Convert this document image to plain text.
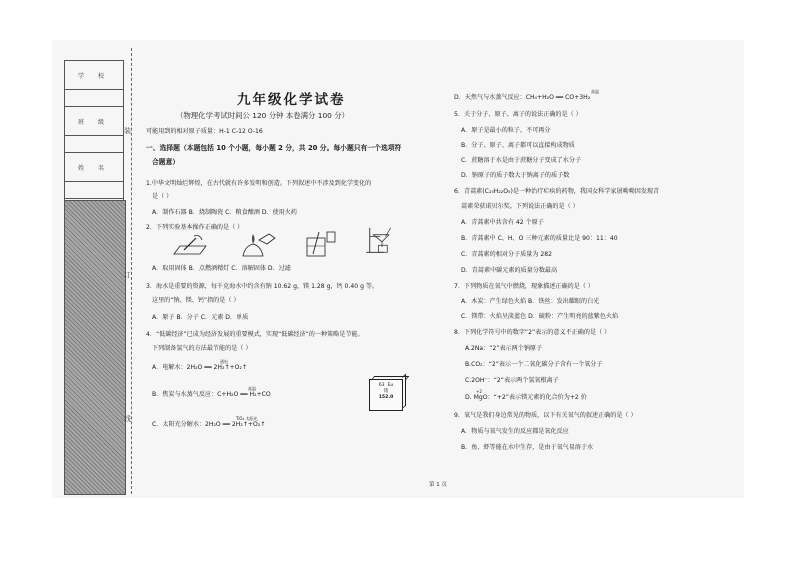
学 校

班 级

姓 名

装
订
线
九年级化学试卷
（物理化学考试时间公 120 分钟 本卷满分 100 分）
可能用到的相对原子质量：H-1 C-12 O-16
一、选择题（本题包括 10 个小题，每小题 2 分，共 20 分。每小题只有一个选项符
合题意）
1.中华文明灿烂辉煌，在古代就有许多发明和创造。下列叙述中不涉及到化学变化的
是（ ）
A．制作石器 B．烧制陶瓷 C．粮食酿酒 D．使用火药
2．下列实验基本操作正确的是（ ）
A．取用固体 B．点燃酒精灯 C．溶解固体 D．过滤
3．海水是重要的资源，每千克海水中约含有钠 10.62 g，镁 1.28 g，钙 0.40 g 等。
这里的“钠、镁、钙”指的是（ ）
A．原子 B．分子 C．元素 D．单质
4．“低碳经济”已成为经济发展的重要模式，实现“低碳经济”的一种策略是节能。
下列制备氢气的方法最节能的是（ ）
A．电解水：2H₂O ══ 2H₂↑+O₂↑
B．焦炭与水蒸气反应：C+H₂O ══ H₂+CO
C．太阳光分解水：2H₂O ══ 2H₂↑+O₂↑
通电
高温
TiO₂ 太阳光
63 Eu
铕
152.0
D．天然气与水蒸气反应：CH₄+H₂O ══ CO+3H₂
高温
5．关于分子、原子、离子的说法正确的是（ ）
A．原子是最小的粒子，不可再分
B．分子、原子、离子都可以直接构成物质
C．蔗糖溶于水是由于蔗糖分子变成了水分子
D．钠原子的质子数大于钠离子的质子数
6．青蒿素(C₁₅H₂₂O₅)是一种治疗疟疾的药物，我国女科学家屠呦呦因发现青
蒿素荣获诺贝尔奖。下列说法正确的是（ ）
A．青蒿素中共含有 42 个原子
B．青蒿素中 C、H、O 三种元素的质量比是 90：11：40
C．青蒿素的相对分子质量为 282
D．青蒿素中碳元素的质量分数最高
7．下列物质在氧气中燃烧，现象描述正确的是（ ）
A．木炭：产生绿色火焰 B．铁丝：发出耀眼的白光
C．镁带：火焰呈淡蓝色 D．硫粉：产生明亮的蓝紫色火焰
8．下列化学符号中的数字“2”表示的意义不正确的是（ ）
A.2Na：“2”表示两个钠原子
B.CO₂：“2”表示一个二氧化碳分子含有一个氧分子
C.2OH⁻：“2”表示两个氢氧根离子
D. MgO：“+2”表示镁元素的化合价为+2 价
+2
9．氧气是我们身边常见的物质，以下有关氧气的叙述正确的是（ ）
A．物质与氧气发生的反应都是氧化反应
B．鱼、虾等能在水中生存，是由于氧气易溶于水
第 1 页
